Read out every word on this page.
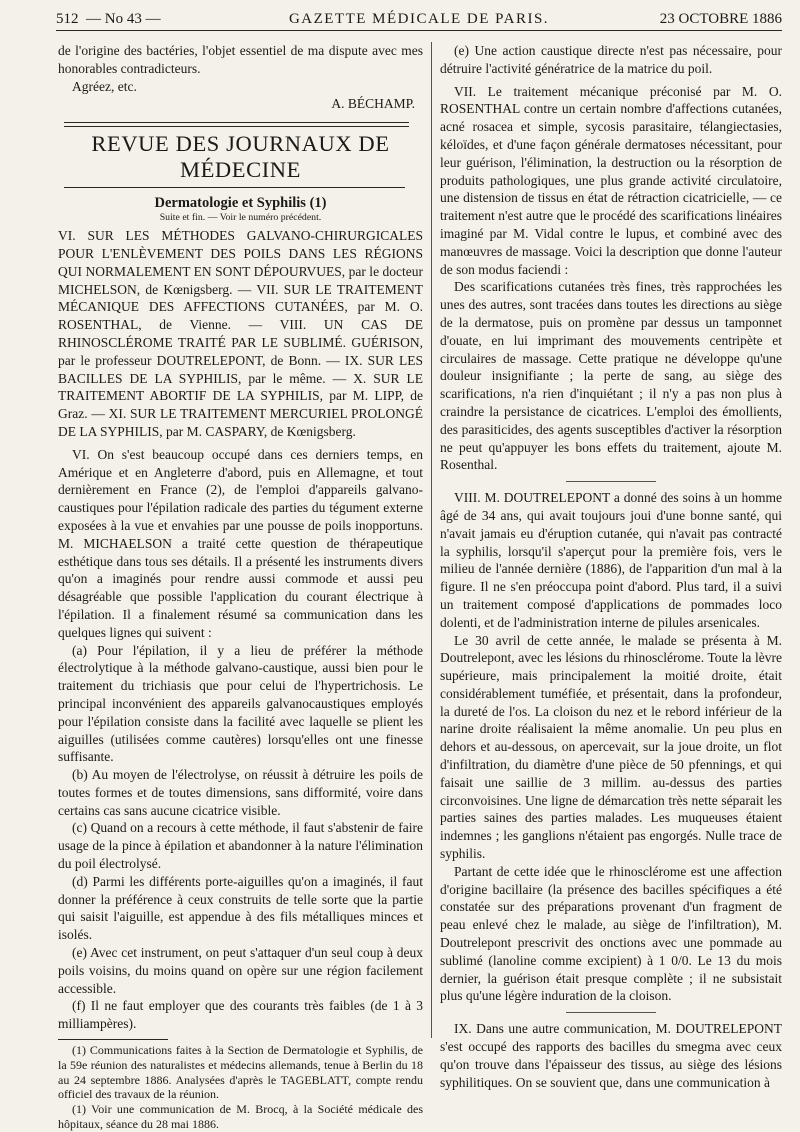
512 — No 43 —	GAZETTE MÉDICALE DE PARIS.	23 OCTOBRE 1886

de l'origine des bactéries, l'objet essentiel de ma dispute avec mes honorables contradicteurs.

Agréez, etc.

A. BÉCHAMP.

REVUE DES JOURNAUX DE MÉDECINE
Dermatologie et Syphilis (1)
Suite et fin. — Voir le numéro précédent.

VI. SUR LES MÉTHODES GALVANO-CHIRURGICALES POUR L'ENLÈVEMENT DES POILS DANS LES RÉGIONS QUI NORMALEMENT EN SONT DÉPOURVUES, par le docteur MICHELSON, de Kœnigsberg. — VII. SUR LE TRAITEMENT MÉCANIQUE DES AFFECTIONS CUTANÉES, par M. O. ROSENTHAL, de Vienne. — VIII. UN CAS DE RHINOSCLÉROME TRAITÉ PAR LE SUBLIMÉ. GUÉRISON, par le professeur DOUTRELEPONT, de Bonn. — IX. SUR LES BACILLES DE LA SYPHILIS, par le même. — X. SUR LE TRAITEMENT ABORTIF DE LA SYPHILIS, par M. LIPP, de Graz. — XI. SUR LE TRAITEMENT MERCURIEL PROLONGÉ DE LA SYPHILIS, par M. CASPARY, de Kœnigsberg.

VI. On s'est beaucoup occupé dans ces derniers temps, en Amérique et en Angleterre d'abord, puis en Allemagne, et tout dernièrement en France (2), de l'emploi d'appareils galvano-caustiques pour l'épilation radicale des parties du tégument externe exposées à la vue et envahies par une pousse de poils inopportuns. M. MICHAELSON a traité cette question de thérapeutique esthétique dans tous ses détails. Il a présenté les instruments divers qu'on a imaginés pour rendre aussi commode et aussi peu désagréable que possible l'application du courant électrique à l'épilation. Il a finalement résumé sa communication dans les quelques lignes qui suivent :

(a) Pour l'épilation, il y a lieu de préférer la méthode électrolytique à la méthode galvano-caustique, aussi bien pour le traitement du trichiasis que pour celui de l'hypertrichosis. Le principal inconvénient des appareils galvanocaustiques employés pour l'épilation consiste dans la facilité avec laquelle se plient les aiguilles (utilisées comme cautères) lorsqu'elles ont une finesse suffisante.

(b) Au moyen de l'électrolyse, on réussit à détruire les poils de toutes formes et de toutes dimensions, sans difformité, voire dans certains cas sans aucune cicatrice visible.

(c) Quand on a recours à cette méthode, il faut s'abstenir de faire usage de la pince à épilation et abandonner à la nature l'élimination du poil électrolysé.

(d) Parmi les différents porte-aiguilles qu'on a imaginés, il faut donner la préférence à ceux construits de telle sorte que la partie qui saisit l'aiguille, est appendue à des fils métalliques minces et isolés.

(e) Avec cet instrument, on peut s'attaquer d'un seul coup à deux poils voisins, du moins quand on opère sur une région facilement accessible.

(f) Il ne faut employer que des courants très faibles (de 1 à 3 milliampères).

(1) Communications faites à la Section de Dermatologie et Syphilis, de la 59e réunion des naturalistes et médecins allemands, tenue à Berlin du 18 au 24 septembre 1886. Analysées d'après le TAGEBLATT, compte rendu officiel des travaux de la réunion.

(1) Voir une communication de M. Brocq, à la Société médicale des hôpitaux, séance du 28 mai 1886.

(e) Une action caustique directe n'est pas nécessaire, pour détruire l'activité génératrice de la matrice du poil.

VII. Le traitement mécanique préconisé par M. O. ROSENTHAL contre un certain nombre d'affections cutanées, acné rosacea et simple, sycosis parasitaire, télangiectasies, kéloïdes, et d'une façon générale dermatoses nécessitant, pour leur guérison, l'élimination, la destruction ou la résorption de produits pathologiques, une plus grande activité circulatoire, une distension de tissus en état de rétraction cicatricielle, — ce traitement n'est autre que le procédé des scarifications linéaires imaginé par M. Vidal contre le lupus, et combiné avec des manœuvres de massage. Voici la description que donne l'auteur de son modus faciendi :

Des scarifications cutanées très fines, très rapprochées les unes des autres, sont tracées dans toutes les directions au siège de la dermatose, puis on promène par dessus un tamponnet d'ouate, en lui imprimant des mouvements centripète et circulaires de massage. Cette pratique ne développe qu'une douleur insignifiante ; la perte de sang, au siège des scarifications, n'a rien d'inquiétant ; il n'y a pas non plus à craindre la persistance de cicatrices. L'emploi des émollients, des parasiticides, des agents susceptibles d'activer la résorption ne peut qu'appuyer les bons effets du traitement, ajoute M. Rosenthal.

VIII. M. DOUTRELEPONT a donné des soins à un homme âgé de 34 ans, qui avait toujours joui d'une bonne santé, qui n'avait jamais eu d'éruption cutanée, qui n'avait pas contracté la syphilis, lorsqu'il s'aperçut pour la première fois, vers le milieu de l'année dernière (1886), de l'apparition d'un mal à la figure. Il ne s'en préoccupa point d'abord. Plus tard, il a suivi un traitement composé d'applications de pommades loco dolenti, et de l'administration interne de pilules arsenicales.

Le 30 avril de cette année, le malade se présenta à M. Doutrelepont, avec les lésions du rhinosclérome. Toute la lèvre supérieure, mais principalement la moitié droite, était considérablement tuméfiée, et présentait, dans la profondeur, la dureté de l'os. La cloison du nez et le rebord inférieur de la narine droite réalisaient la même anomalie. Un peu plus en dehors et au-dessous, on apercevait, sur la joue droite, un flot d'infiltration, du diamètre d'une pièce de 50 pfennings, et qui faisait une saillie de 3 millim. au-dessus des parties circonvoisines. Une ligne de démarcation très nette séparait les parties saines des parties malades. Les muqueuses étaient indemnes ; les ganglions n'étaient pas engorgés. Nulle trace de syphilis.

Partant de cette idée que le rhinosclérome est une affection d'origine bacillaire (la présence des bacilles spécifiques a été constatée sur des préparations provenant d'un fragment de peau enlevé chez le malade, au siège de l'infiltration), M. Doutrelepont prescrivit des onctions avec une pommade au sublimé (lanoline comme excipient) à 1 0/0. Le 13 du mois dernier, la guérison était presque complète ; il ne subsistait plus qu'une légère induration de la cloison.

IX. Dans une autre communication, M. DOUTRELEPONT s'est occupé des rapports des bacilles du smegma avec ceux qu'on trouve dans l'épaisseur des tissus, au siège des lésions syphilitiques. On se souvient que, dans une communication à
